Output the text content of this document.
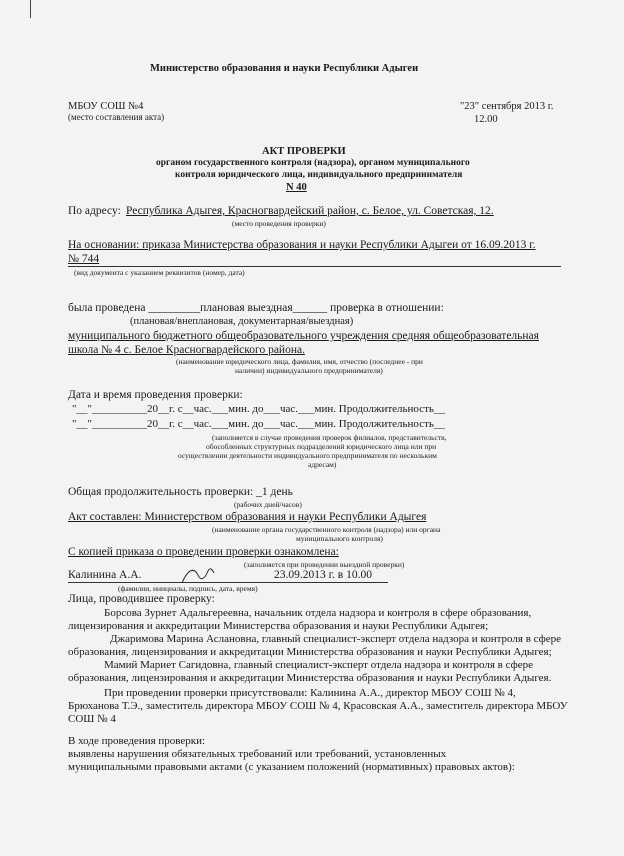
Министерство образования и науки Республики Адыгеи
МБОУ СОШ №4
(место составления акта)
"23" сентября 2013 г.
12.00
АКТ ПРОВЕРКИ
органом государственного контроля (надзора), органом муниципального
контроля юридического лица, индивидуального предпринимателя
N 40
По адресу: Республика Адыгея, Красногвардейский район, с. Белое, ул. Советская, 12.
(место проведения проверки)
На основании: приказа Министерства образования и науки Республики Адыгеи от 16.09.2013 г.
№ 744
(вид документа с указанием реквизитов (номер, дата)
была проведена _________плановая выездная______ проверка в отношении:
(плановая/внеплановая, документарная/выездная)
муниципального бюджетного общеобразовательного учреждения средняя общеобразовательная
школа № 4 с. Белое Красногвардейского района.
(наименование юридического лица, фамилия, имя, отчество (последнее - при
наличии) индивидуального предпринимателя)
Дата и время проведения проверки:
"__"__________20__г. с__час.___мин. до___час.___мин. Продолжительность__
"__"__________20__г. с__час.___мин. до___час.___мин. Продолжительность__
(заполняется в случае проведения проверок филиалов, представительств,
обособленных структурных подразделений юридического лица или при
осуществлении деятельности индивидуального предпринимателя по нескольким
адресам)
Общая продолжительность проверки: _1 день
(рабочих дней/часов)
Акт составлен: Министерством образования и науки Республики Адыгея
(наименование органа государственного контроля (надзора) или органа
муниципального контроля)
С копией приказа о проведении проверки ознакомлена:
(заполняется при проведении выездной проверки)
Калинина А.А.	23.09.2013 г. в 10.00
(фамилии, инициалы, подпись, дата, время)
Лица, проводившее проверку:
Борсова Зурнет Адальгереевна, начальник отдела надзора и контроля в сфере образования,
лицензирования и аккредитации Министерства образования и науки Республики Адыгея;
Джаримова Марина Аслановна, главный специалист-эксперт отдела надзора и контроля в сфере
образования, лицензирования и аккредитации Министерства образования и науки Республики Адыгея;
Мамий Мариет Сагидовна, главный специалист-эксперт отдела надзора и контроля в сфере
образования, лицензирования и аккредитации Министерства образования и науки Республики Адыгея.
При проведении проверки присутствовали: Калинина А.А., директор МБОУ СОШ № 4,
Брюханова Т.Э., заместитель директора МБОУ СОШ № 4, Красовская А.А., заместитель директора МБОУ
СОШ № 4
В ходе проведения проверки:
выявлены нарушения обязательных требований или требований, установленных
муниципальными правовыми актами (с указанием положений (нормативных) правовых актов):
